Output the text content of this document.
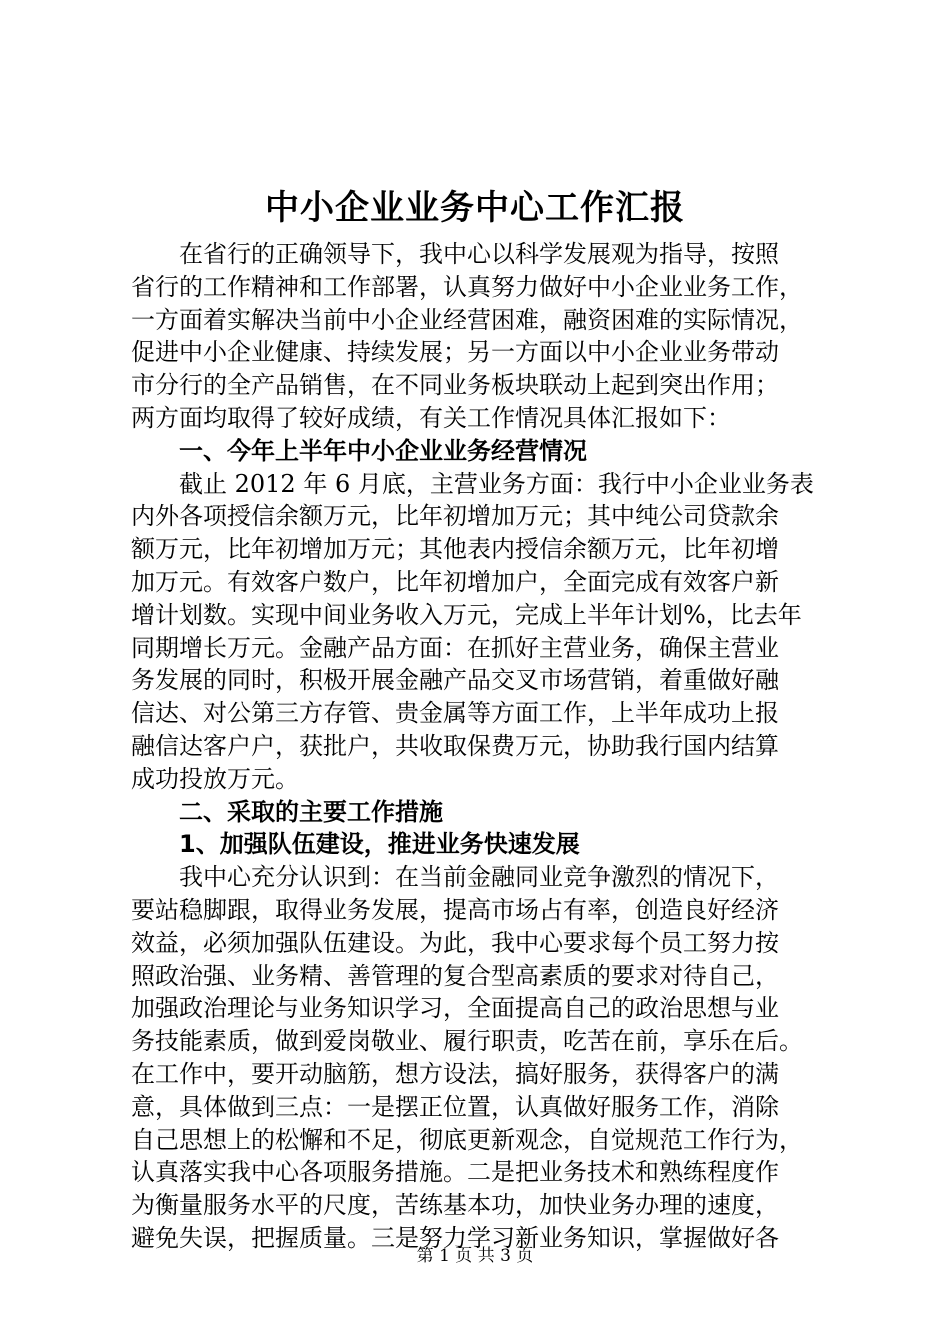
中小企业业务中心工作汇报
在省行的正确领导下，我中心以科学发展观为指导，按照
省行的工作精神和工作部署，认真努力做好中小企业业务工作，
一方面着实解决当前中小企业经营困难，融资困难的实际情况，
促进中小企业健康、持续发展；另一方面以中小企业业务带动
市分行的全产品销售，在不同业务板块联动上起到突出作用；
两方面均取得了较好成绩，有关工作情况具体汇报如下：
一、今年上半年中小企业业务经营情况
截止 2012 年 6 月底，主营业务方面：我行中小企业业务表
内外各项授信余额万元，比年初增加万元；其中纯公司贷款余
额万元，比年初增加万元；其他表内授信余额万元，比年初增
加万元。有效客户数户，比年初增加户，全面完成有效客户新
增计划数。实现中间业务收入万元，完成上半年计划%，比去年
同期增长万元。金融产品方面：在抓好主营业务，确保主营业
务发展的同时，积极开展金融产品交叉市场营销，着重做好融
信达、对公第三方存管、贵金属等方面工作，上半年成功上报
融信达客户户，获批户，共收取保费万元，协助我行国内结算
成功投放万元。
二、采取的主要工作措施
1、加强队伍建设，推进业务快速发展
我中心充分认识到：在当前金融同业竞争激烈的情况下，
要站稳脚跟，取得业务发展，提高市场占有率，创造良好经济
效益，必须加强队伍建设。为此，我中心要求每个员工努力按
照政治强、业务精、善管理的复合型高素质的要求对待自己，
加强政治理论与业务知识学习，全面提高自己的政治思想与业
务技能素质，做到爱岗敬业、履行职责，吃苦在前，享乐在后。
在工作中，要开动脑筋，想方设法，搞好服务，获得客户的满
意，具体做到三点：一是摆正位置，认真做好服务工作，消除
自己思想上的松懈和不足，彻底更新观念，自觉规范工作行为，
认真落实我中心各项服务措施。二是把业务技术和熟练程度作
为衡量服务水平的尺度，苦练基本功，加快业务办理的速度，
避免失误，把握质量。三是努力学习新业务知识，掌握做好各
第 1 页 共 3 页
